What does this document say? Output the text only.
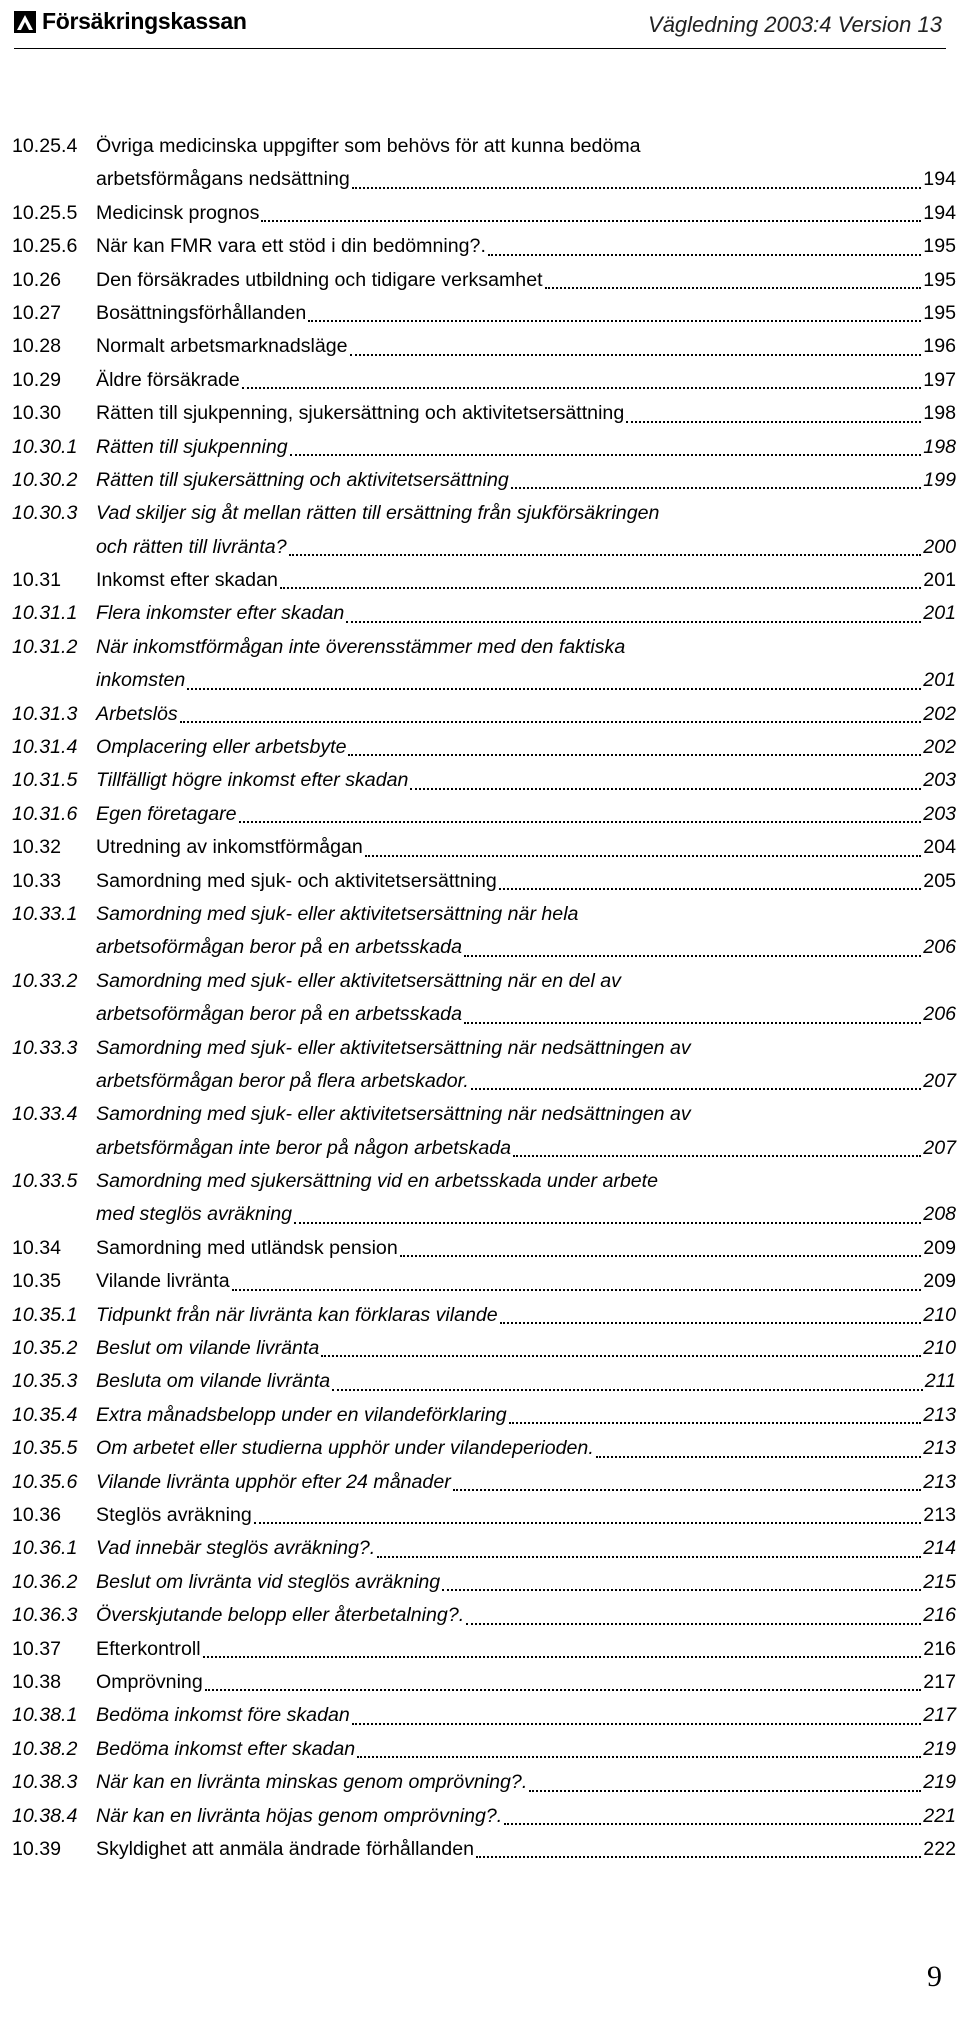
Försäkringskassan	Vägledning 2003:4 Version 13
10.25.4 Övriga medicinska uppgifter som behövs för att kunna bedöma
arbetsförmågans nedsättning	194
10.25.5 Medicinsk prognos	194
10.25.6 När kan FMR vara ett stöd i din bedömning?.	195
10.26	Den försäkrades utbildning och tidigare verksamhet	195
10.27	Bosättningsförhållanden	195
10.28	Normalt arbetsmarknadsläge	196
10.29	Äldre försäkrade	197
10.30	Rätten till sjukpenning, sjukersättning och aktivitetsersättning	198
10.30.1 Rätten till sjukpenning	198
10.30.2 Rätten till sjukersättning och aktivitetsersättning	199
10.30.3 Vad skiljer sig åt mellan rätten till ersättning från sjukförsäkringen
och rätten till livränta?	200
10.31	Inkomst efter skadan	201
10.31.1 Flera inkomster efter skadan	201
10.31.2 När inkomstförmågan inte överensstämmer med den faktiska
inkomsten	201
10.31.3 Arbetslös	202
10.31.4 Omplacering eller arbetsbyte	202
10.31.5 Tillfälligt högre inkomst efter skadan	203
10.31.6 Egen företagare	203
10.32	Utredning av inkomstförmågan	204
10.33	Samordning med sjuk- och aktivitetsersättning	205
10.33.1 Samordning med sjuk- eller aktivitetsersättning när hela
arbetsoförmågan beror på en arbetsskada	206
10.33.2 Samordning med sjuk- eller aktivitetsersättning när en del av
arbetsoförmågan beror på en arbetsskada	206
10.33.3 Samordning med sjuk- eller aktivitetsersättning när nedsättningen av
arbetsförmågan beror på flera arbetskador.	207
10.33.4 Samordning med sjuk- eller aktivitetsersättning när nedsättningen av
arbetsförmågan inte beror på någon arbetskada	207
10.33.5 Samordning med sjukersättning vid en arbetsskada under arbete
med steglös avräkning	208
10.34	Samordning med utländsk pension	209
10.35	Vilande livränta	209
10.35.1 Tidpunkt från när livränta kan förklaras vilande	210
10.35.2 Beslut om vilande livränta	210
10.35.3 Besluta om vilande livränta	211
10.35.4 Extra månadsbelopp under en vilandeförklaring	213
10.35.5 Om arbetet eller studierna upphör under vilandeperioden.	213
10.35.6 Vilande livränta upphör efter 24 månader	213
10.36	Steglös avräkning	213
10.36.1 Vad innebär steglös avräkning?.	214
10.36.2 Beslut om livränta vid steglös avräkning	215
10.36.3 Överskjutande belopp eller återbetalning?.	216
10.37	Efterkontroll	216
10.38	Omprövning	217
10.38.1 Bedöma inkomst före skadan	217
10.38.2 Bedöma inkomst efter skadan	219
10.38.3 När kan en livränta minskas genom omprövning?.	219
10.38.4 När kan en livränta höjas genom omprövning?.	221
10.39	Skyldighet att anmäla ändrade förhållanden	222
9
